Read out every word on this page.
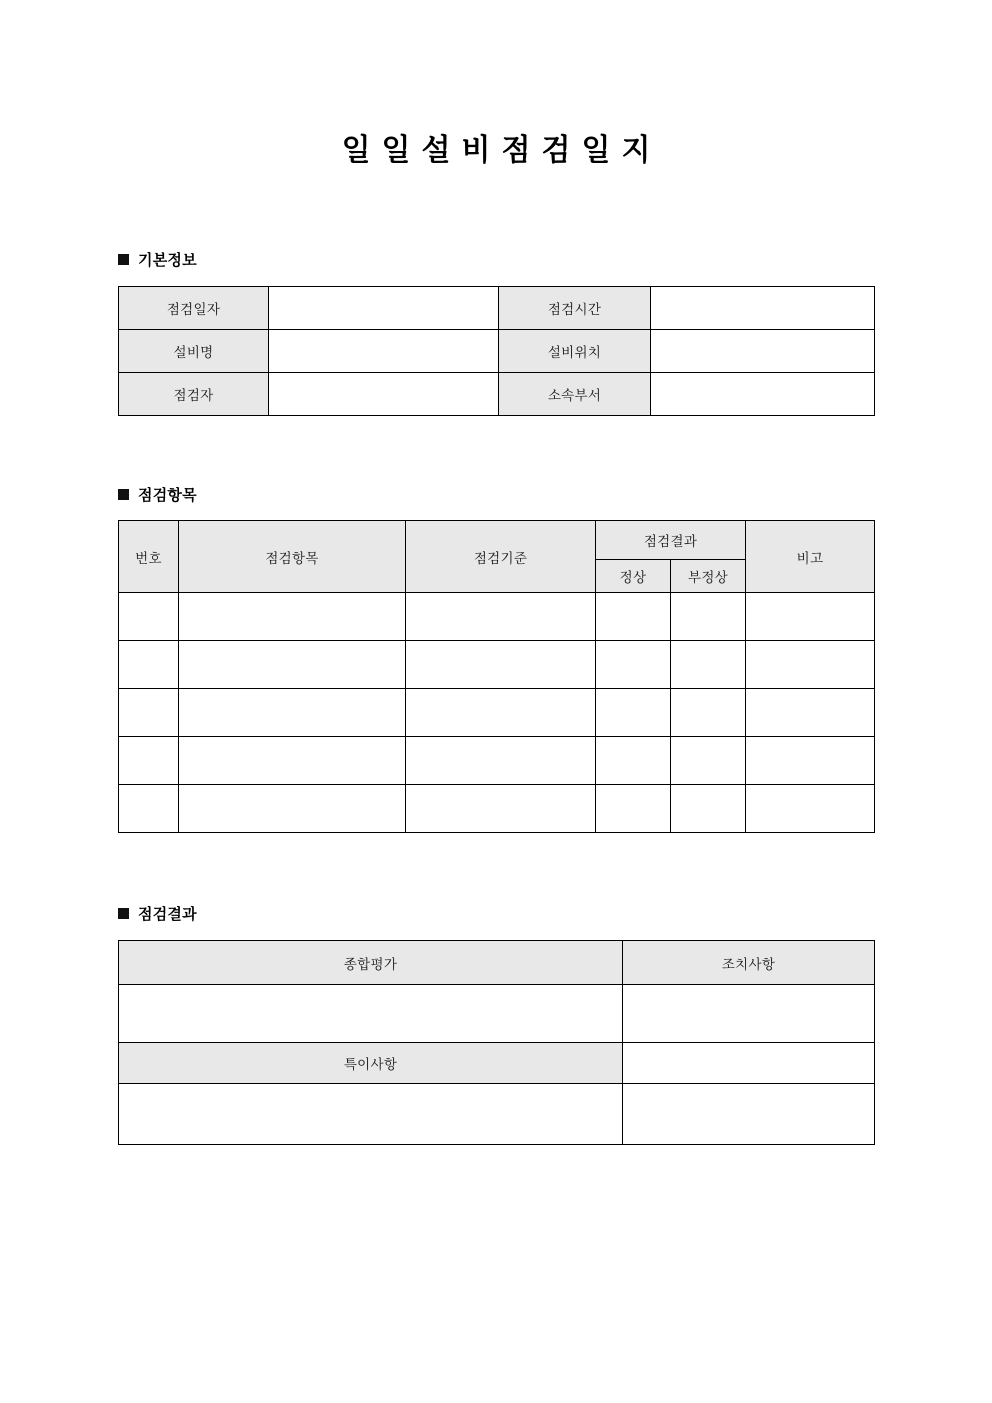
일일설비점검일지
기본정보
점검일자		점검시간	
설비명		설비위치	
점검자		소속부서	
점검항목
번호	점검항목	점검기준	점검결과		비고
			정상	부정상	

점검결과
종합평가	조치사항

특이사항	
